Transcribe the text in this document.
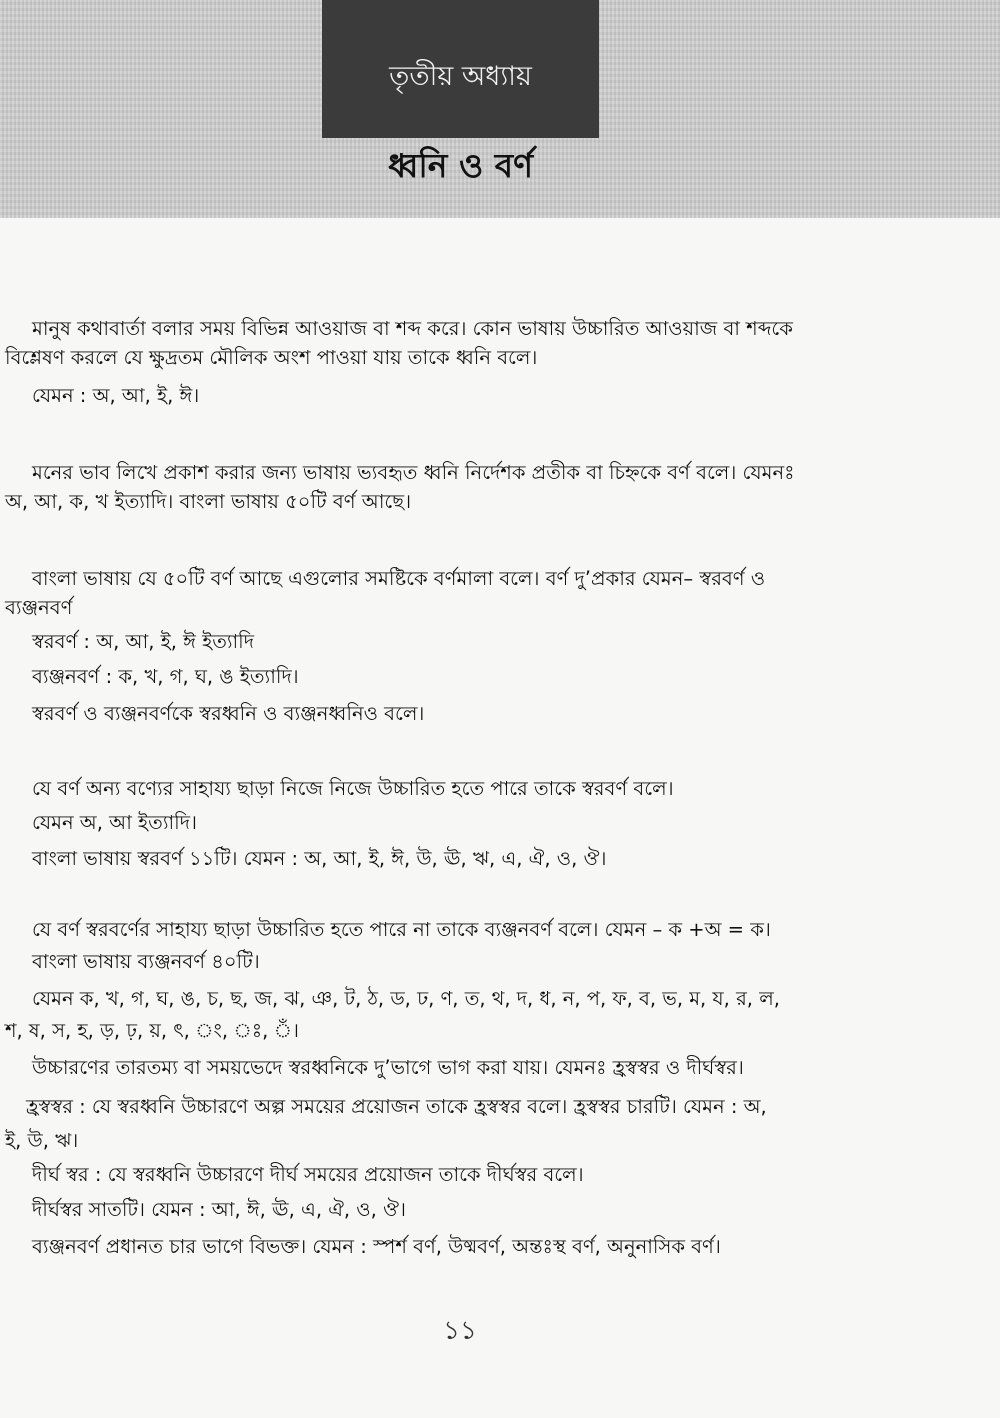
তৃতীয় অধ্যায়
ধ্বনি ও বর্ণ
মানুষ কথাবার্তা বলার সময় বিভিন্ন আওয়াজ বা শব্দ করে। কোন ভাষায় উচ্চারিত আওয়াজ বা শব্দকে
বিশ্লেষণ করলে যে ক্ষুদ্রতম মৌলিক অংশ পাওয়া যায় তাকে ধ্বনি বলে।
যেমন : অ, আ, ই, ঈ।
মনের ভাব লিখে প্রকাশ করার জন্য ভাষায় ভ্যবহৃত ধ্বনি নির্দেশক প্রতীক বা চিহ্নকে বর্ণ বলে। যেমনঃ
অ, আ, ক, খ ইত্যাদি। বাংলা ভাষায় ৫০টি বর্ণ আছে।
বাংলা ভাষায় যে ৫০টি বর্ণ আছে এগুলোর সমষ্টিকে বর্ণমালা বলে। বর্ণ দু’প্রকার যেমন– স্বরবর্ণ ও
ব্যঞ্জনবর্ণ
স্বরবর্ণ : অ, আ, ই, ঈ ইত্যাদি
ব্যঞ্জনবর্ণ : ক, খ, গ, ঘ, ঙ ইত্যাদি।
স্বরবর্ণ ও ব্যঞ্জনবর্ণকে স্বরধ্বনি ও ব্যঞ্জনধ্বনিও বলে।
যে বর্ণ অন্য বণ্যের সাহায্য ছাড়া নিজে নিজে উচ্চারিত হতে পারে তাকে স্বরবর্ণ বলে।
যেমন অ, আ ইত্যাদি।
বাংলা ভাষায় স্বরবর্ণ ১১টি। যেমন : অ, আ, ই, ঈ, উ, ঊ, ঋ, এ, ঐ, ও, ঔ।
যে বর্ণ স্বরবর্ণের সাহায্য ছাড়া উচ্চারিত হতে পারে না তাকে ব্যঞ্জনবর্ণ বলে। যেমন – ক +অ = ক।
বাংলা ভাষায় ব্যঞ্জনবর্ণ ৪০টি।
যেমন ক, খ, গ, ঘ, ঙ, চ, ছ, জ, ঝ, ঞ, ট, ঠ, ড, ঢ, ণ, ত, থ, দ, ধ, ন, প, ফ, ব, ভ, ম, য, র, ল,
শ, ষ, স, হ, ড়, ঢ়, য়, ৎ, ং, ঃ, ঁ।
উচ্চারণের তারতম্য বা সময়ভেদে স্বরধ্বনিকে দু’ভাগে ভাগ করা যায়। যেমনঃ হ্রস্বস্বর ও দীর্ঘস্বর।
হ্রস্বস্বর : যে স্বরধ্বনি উচ্চারণে অল্প সময়ের প্রয়োজন তাকে হ্রস্বস্বর বলে। হ্রস্বস্বর চারটি। যেমন : অ,
ই, উ, ঋ।
দীর্ঘ স্বর : যে স্বরধ্বনি উচ্চারণে দীর্ঘ সময়ের প্রয়োজন তাকে দীর্ঘস্বর বলে।
দীর্ঘস্বর সাতটি। যেমন : আ, ঈ, ঊ, এ, ঐ, ও, ঔ।
ব্যঞ্জনবর্ণ প্রধানত চার ভাগে বিভক্ত। যেমন : স্পর্শ বর্ণ, উষ্মবর্ণ, অন্তঃস্থ বর্ণ, অনুনাসিক বর্ণ।
১১
